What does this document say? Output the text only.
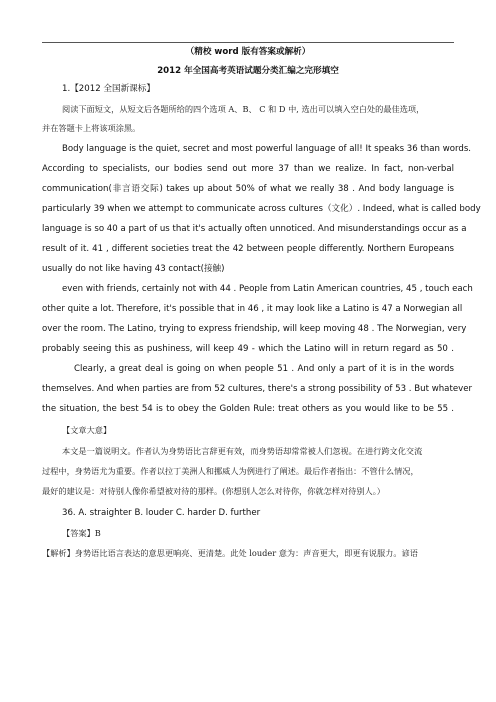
（精校 word 版有答案或解析）
2012 年全国高考英语试题分类汇编之完形填空
1.【2012 全国新课标】
阅读下面短文，从短文后各题所给的四个选项 A、B、 C 和 D 中, 选出可以填入空白处的最佳选项，
并在答题卡上将该项涂黑。
Body language is the quiet, secret and most powerful language of all! It speaks 36 than words.
According to specialists, our bodies send out more 37 than we realize. In fact, non-verbal
communication(非言语交际) takes up about 50% of what we really 38 . And body language is
particularly 39 when we attempt to communicate across cultures（文化）. Indeed, what is called body
language is so 40 a part of us that it's actually often unnoticed. And misunderstandings occur as a
result of it. 41 , different societies treat the 42 between people differently. Northern Europeans
usually do not like having 43 contact(接触)
even with friends, certainly not with 44 . People from Latin American countries, 45 , touch each
other quite a lot. Therefore, it's possible that in 46 , it may look like a Latino is 47 a Norwegian all
over the room. The Latino, trying to express friendship, will keep moving 48 . The Norwegian, very
probably seeing this as pushiness, will keep 49 - which the Latino will in return regard as 50 .
Clearly, a great deal is going on when people 51 . And only a part of it is in the words
themselves. And when parties are from 52 cultures, there's a strong possibility of 53 . But whatever
the situation, the best 54 is to obey the Golden Rule: treat others as you would like to be 55 .
【文章大意】
本文是一篇说明文。作者认为身势语比言辞更有效，而身势语却常常被人们忽视。在进行跨文化交流
过程中，身势语尤为重要。作者以拉丁美洲人和挪威人为例进行了阐述。最后作者指出：不管什么情况，
最好的建议是：对待别人像你希望被对待的那样。(你想别人怎么对待你，你就怎样对待别人。）
36. A. straighter B. louder C. harder D. further
【答案】B
【解析】身势语比语言表达的意思更响亮、更清楚。此处 louder 意为：声音更大，即更有说服力。谚语
